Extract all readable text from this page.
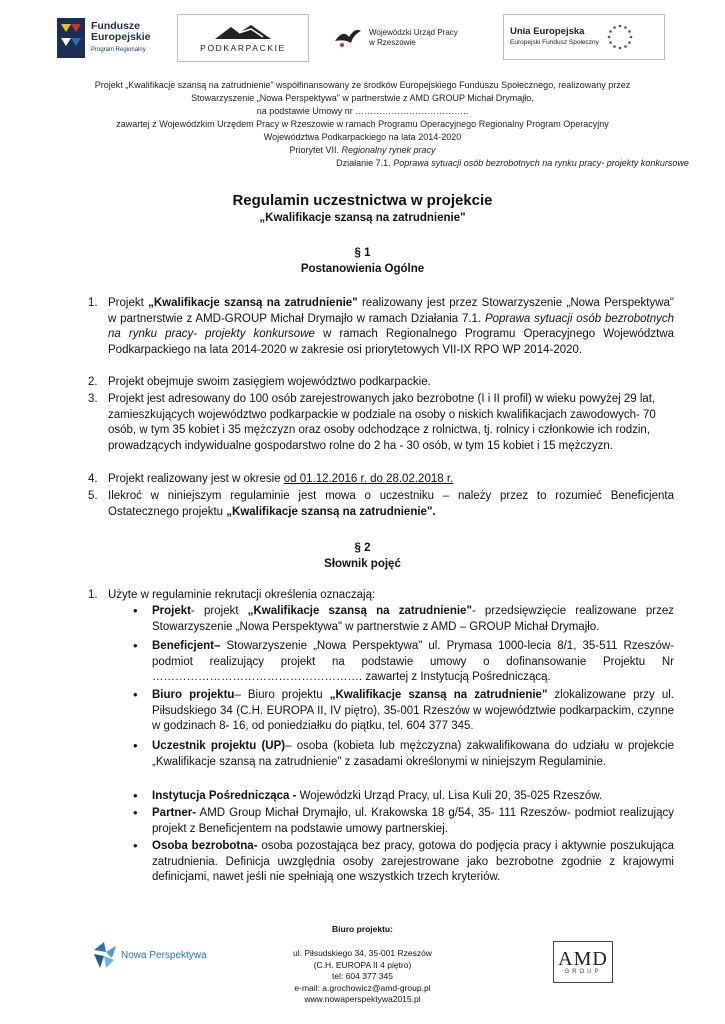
Fundusze
Europejskie
Program Regionalny	PODKARPACKIE
Wojewódzki Urząd Pracy
w Rzeszowie
Unia Europejska
Europejski Fundusz Społeczny
Projekt „Kwalifikacje szansą na zatrudnienie" współfinansowany ze środków Europejskiego Funduszu Społecznego, realizowany przez
Stowarzyszenie „Nowa Perspektywa" w partnerstwie z AMD GROUP Michał Drymajło,
na podstawie Umowy nr ………………………………..
zawartej z Wojewódzkim Urzędem Pracy w Rzeszowie w ramach Programu Operacyjnego Regionalny Program Operacyjny
Województwa Podkarpackiego na lata 2014-2020
Priorytet VII. Regionalny rynek pracy
Działanie 7.1. Poprawa sytuacji osób bezrobotnych na rynku pracy- projekty konkursowe
Regulamin uczestnictwa w projekcie
„Kwalifikacje szansą na zatrudnienie"
§ 1
Postanowienia Ogólne
1. Projekt „Kwalifikacje szansą na zatrudnienie" realizowany jest przez Stowarzyszenie „Nowa Perspektywa" w partnerstwie z AMD-GROUP Michał Drymajło w ramach Działania 7.1. Poprawa sytuacji osób bezrobotnych na rynku pracy- projekty konkursowe w ramach Regionalnego Programu Operacyjnego Województwa Podkarpackiego na lata 2014-2020 w zakresie osi priorytetowych VII-IX RPO WP 2014-2020.
2. Projekt obejmuje swoim zasięgiem województwo podkarpackie.
3. Projekt jest adresowany do 100 osób zarejestrowanych jako bezrobotne (I i II profil) w wieku powyżej 29 lat, zamieszkujących województwo podkarpackie w podziale na osoby o niskich kwalifikacjach zawodowych- 70 osób, w tym 35 kobiet i 35 mężczyzn oraz osoby odchodzące z rolnictwa, tj. rolnicy i członkowie ich rodzin, prowadzących indywidualne gospodarstwo rolne do 2 ha - 30 osób, w tym 15 kobiet i 15 mężczyzn.
4. Projekt realizowany jest w okresie od 01.12.2016 r. do 28.02.2018 r.
5. Ilekroć w niniejszym regulaminie jest mowa o uczestniku – należy przez to rozumieć Beneficjenta Ostatecznego projektu „Kwalifikacje szansą na zatrudnienie".
§ 2
Słownik pojęć
1. Użyte w regulaminie rekrutacji określenia oznaczają:
• Projekt- projekt „Kwalifikacje szansą na zatrudnienie"- przedsięwzięcie realizowane przez Stowarzyszenie „Nowa Perspektywa" w partnerstwie z AMD – GROUP Michał Drymajło.
• Beneficjent– Stowarzyszenie „Nowa Perspektywa" ul. Prymasa 1000-lecia 8/1, 35-511 Rzeszów- podmiot realizujący projekt na podstawie umowy o dofinansowanie Projektu Nr ………………………………………………. zawartej z Instytucją Pośredniczącą.
• Biuro projektu– Biuro projektu „Kwalifikacje szansą na zatrudnienie" zlokalizowane przy ul. Piłsudskiego 34 (C.H. EUROPA II, IV piętro), 35-001 Rzeszów w województwie podkarpackim, czynne w godzinach 8- 16, od poniedziałku do piątku, tel. 604 377 345.
• Uczestnik projektu (UP)– osoba (kobieta lub mężczyzna) zakwalifikowana do udziału w projekcie „Kwalifikacje szansą na zatrudnienie" z zasadami określonymi w niniejszym Regulaminie.
• Instytucja Pośrednicząca - Wojewódzki Urząd Pracy, ul. Lisa Kuli 20, 35-025 Rzeszów.
• Partner- AMD Group Michał Drymajło, ul. Krakowska 18 g/54, 35- 111 Rzeszów- podmiot realizujący projekt z Beneficjentem na podstawie umowy partnerskiej.
• Osoba bezrobotna- osoba pozostająca bez pracy, gotowa do podjęcia pracy i aktywnie poszukująca zatrudnienia. Definicja uwzględnia osoby zarejestrowane jako bezrobotne zgodnie z krajowymi definicjami, nawet jeśli nie spełniają one wszystkich trzech kryteriów.
Biuro projektu:
ul. Piłsudskiego 34, 35-001 Rzeszów
(C.H. EUROPA II 4 piętro)
tel: 604 377 345
e-mail: a.grochowicz@amd-group.pl
www.nowaperspektywa2015.pl
Nowa Perspektywa	AMD
GROUP
